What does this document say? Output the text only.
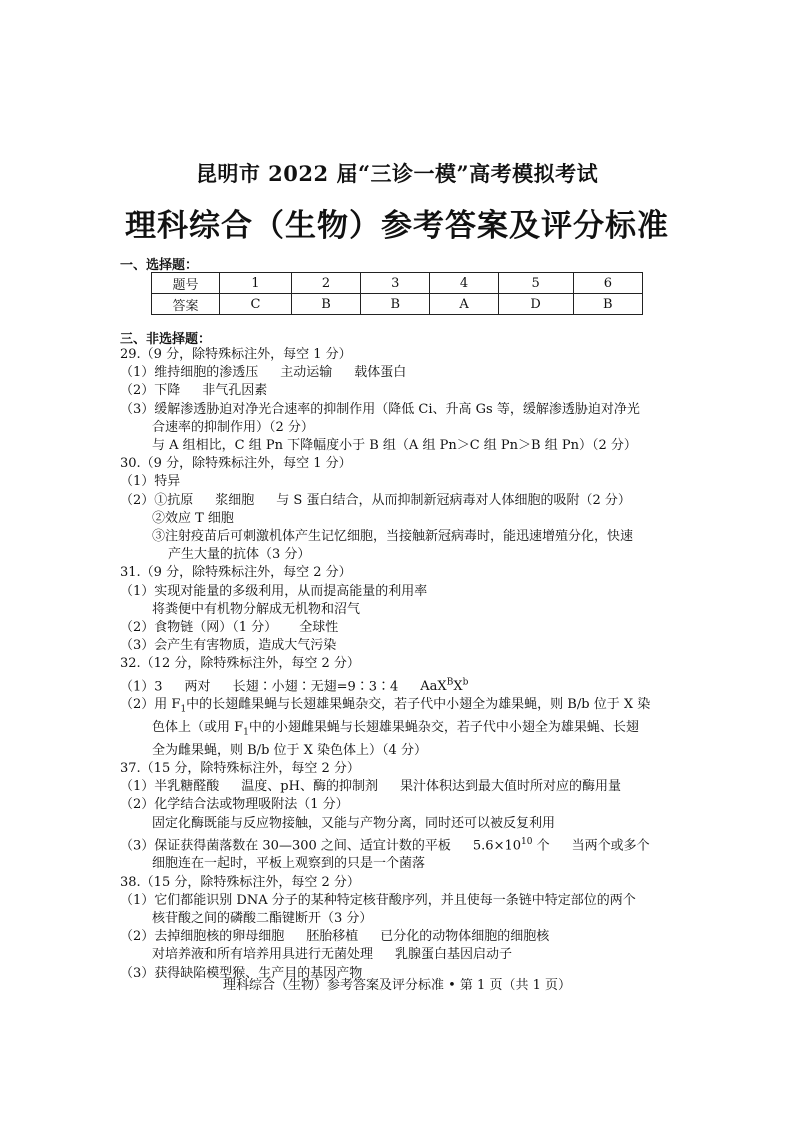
昆明市 2022 届“三诊一模”高考模拟考试
理科综合（生物）参考答案及评分标准
一、选择题：
题号	1	2	3	4	5	6
答案	C	B	B	A	D	B
三、非选择题：
29.（9 分，除特殊标注外，每空 1 分）
（1）维持细胞的渗透压 主动运输 载体蛋白
（2）下降 非气孔因素
（3）缓解渗透胁迫对净光合速率的抑制作用（降低 Ci、升高 Gs 等，缓解渗透胁迫对净光
合速率的抑制作用）（2 分）
与 A 组相比，C 组 Pn 下降幅度小于 B 组（A 组 Pn＞C 组 Pn＞B 组 Pn）（2 分）
30.（9 分，除特殊标注外，每空 1 分）
（1）特异
（2）①抗原 浆细胞 与 S 蛋白结合，从而抑制新冠病毒对人体细胞的吸附（2 分）
②效应 T 细胞
③注射疫苗后可刺激机体产生记忆细胞，当接触新冠病毒时，能迅速增殖分化，快速
产生大量的抗体（3 分）
31.（9 分，除特殊标注外，每空 2 分）
（1）实现对能量的多级利用，从而提高能量的利用率
将粪便中有机物分解成无机物和沼气
（2）食物链（网）（1 分） 全球性
（3）会产生有害物质，造成大气污染
32.（12 分，除特殊标注外，每空 2 分）
（1）3 两对 长翅∶小翅∶无翅=9∶3∶4 $AaX^BX^b$
（2）用 $F_1$中的长翅雌果蝇与长翅雄果蝇杂交，若子代中小翅全为雄果蝇，则 B/b 位于 X 染
色体上（或用 $F_1$中的小翅雌果蝇与长翅雄果蝇杂交，若子代中小翅全为雄果蝇、长翅
全为雌果蝇，则 B/b 位于 X 染色体上）（4 分）
37.（15 分，除特殊标注外，每空 2 分）
（1）半乳糖醛酸 温度、pH、酶的抑制剂 果汁体积达到最大值时所对应的酶用量
（2）化学结合法或物理吸附法（1 分）
固定化酶既能与反应物接触，又能与产物分离，同时还可以被反复利用
（3）保证获得菌落数在 30—300 之间、适宜计数的平板 $5.6\times 10^{10}$ 个 当两个或多个
细胞连在一起时，平板上观察到的只是一个菌落
38.（15 分，除特殊标注外，每空 2 分）
（1）它们都能识别 DNA 分子的某种特定核苷酸序列，并且使每一条链中特定部位的两个
核苷酸之间的磷酸二酯键断开（3 分）
（2）去掉细胞核的卵母细胞 胚胎移植 已分化的动物体细胞的细胞核
对培养液和所有培养用具进行无菌处理 乳腺蛋白基因启动子
（3）获得缺陷模型猴、生产目的基因产物
理科综合（生物）参考答案及评分标准 • 第 1 页（共 1 页）
